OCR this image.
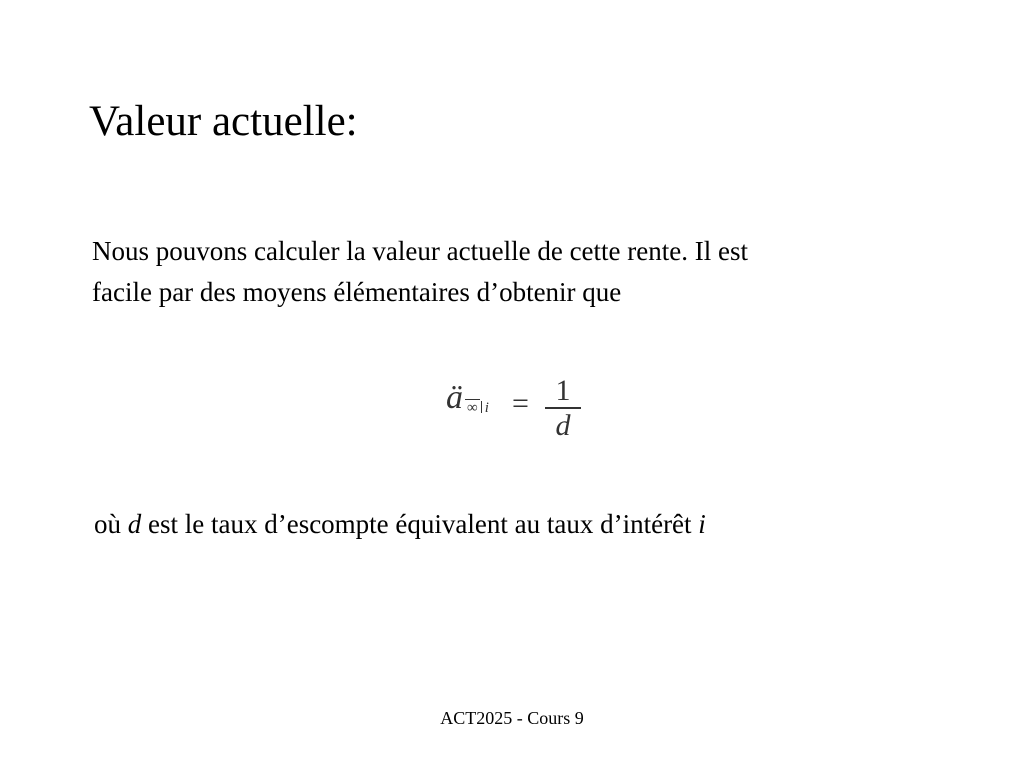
Valeur actuelle:
Nous pouvons calculer la valeur actuelle de cette rente. Il est
facile par des moyens élémentaires d’obtenir que
ä ∞ i = 1
d
où d est le taux d’escompte équivalent au taux d’intérêt i
ACT2025 - Cours 9
